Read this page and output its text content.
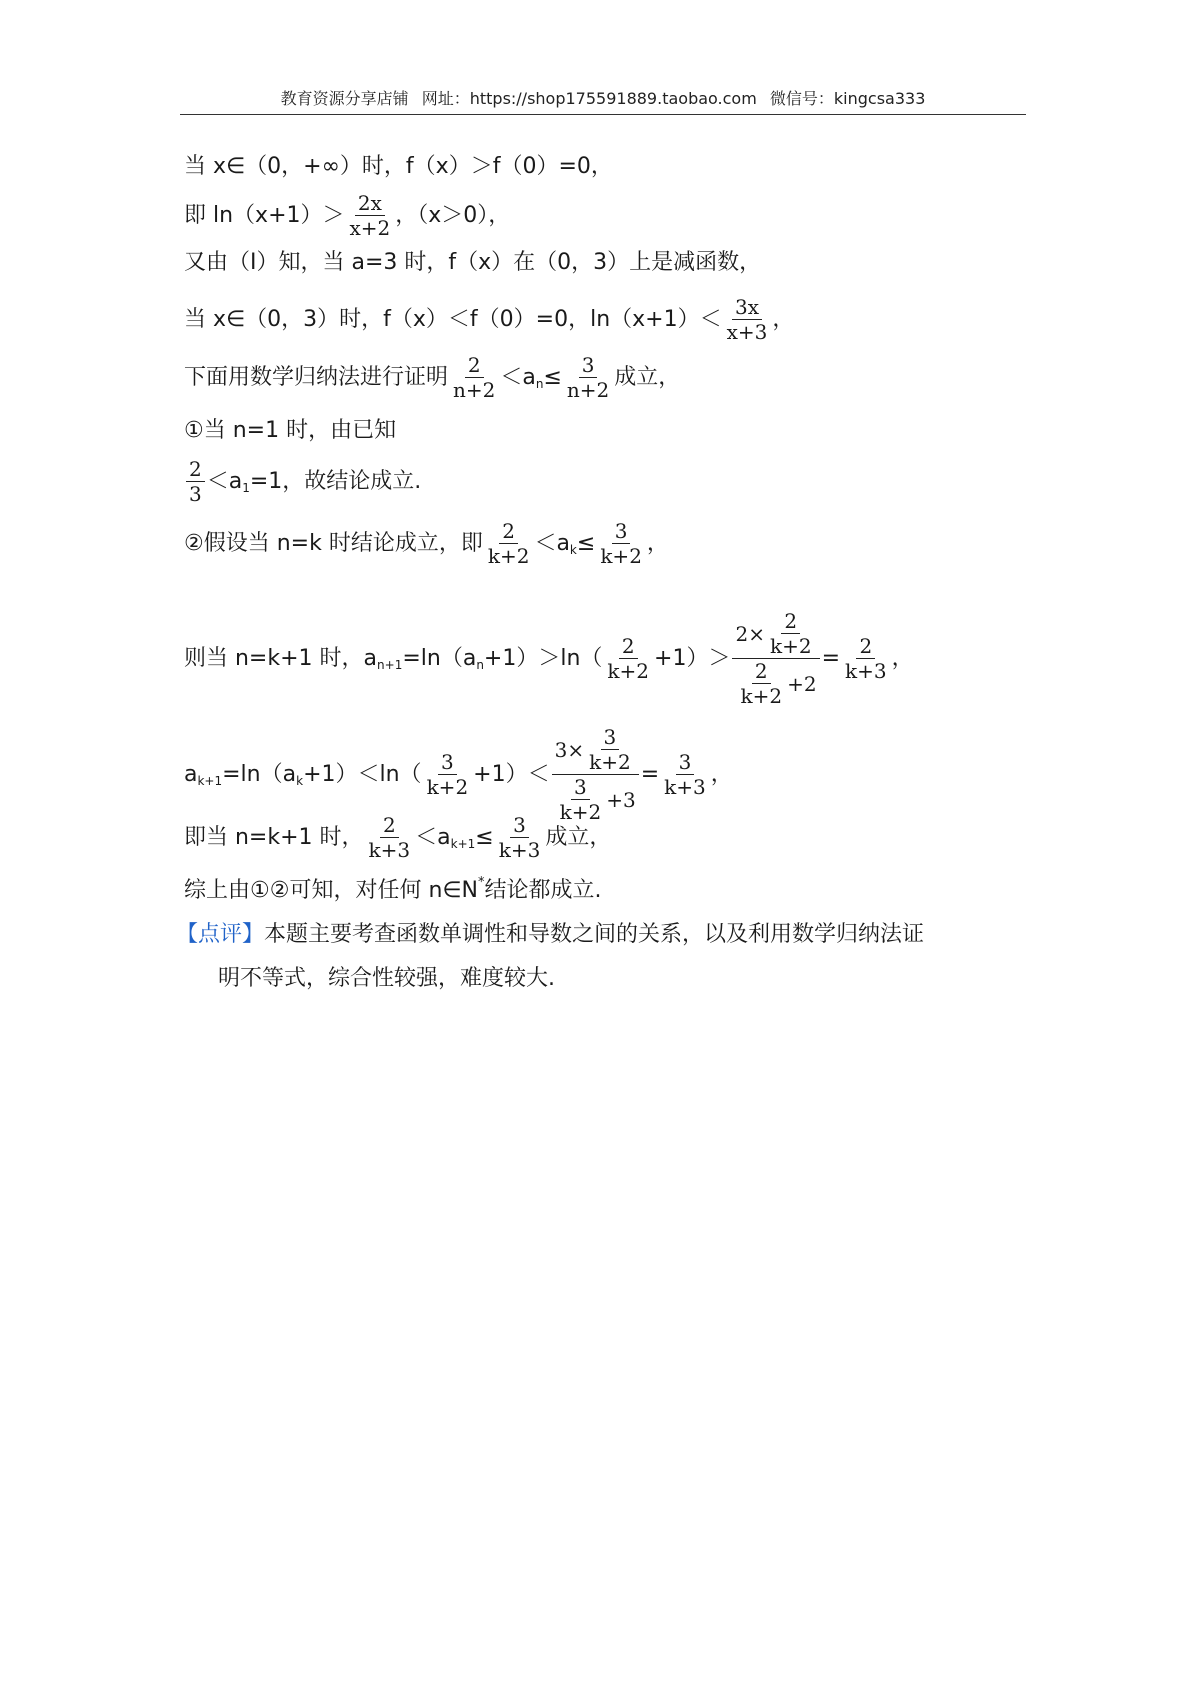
教育资源分享店铺 网址：https://shop175591889.taobao.com 微信号：kingcsa333
当 x∈（0，+∞）时，f（x）＞f（0）=0，
即 $\ln(x+1)> \frac{2x}{x+2}$ ，（x＞0），
又由（Ⅰ）知，当 a=3 时，f（x）在（0，3）上是减函数，
当 x∈（0，3）时，f（x）＜f（0）=0，$\ln(x+1)< \frac{3x}{x+3}$ ，
下面用数学归纳法进行证明 $\frac{2}{n+2} <a$ $n \le \frac{3}{n+2}$ 成立，
①当 n=1 时，由已知
$\frac{2}{3} <a$ 1 =1 ，故结论成立.
②假设当 n=k 时结论成立，即 $\frac{2}{k+2} <a$ $k \le \frac{3}{k+2}$ ，
则当 n=k+1 时，a n+1 =ln（a $n +1)>\ln( \frac{2}{k+2} +1)> \frac{2\times \frac{2}{k+2}}{\frac{2}{k+2} +2} = \frac{2}{k+3}$ ，
a k+1 =ln（a $k +1)<\ln( \frac{3}{k+2} +1)< \frac{3\times \frac{3}{k+2}}{\frac{3}{k+2} +3} = \frac{3}{k+3}$ ，
即当 n=k+1 时， $\frac{2}{k+3} <a$ $k+1 \le \frac{3}{k+3}$ 成立，
综上由①②可知，对任何 n∈N * 结论都成立.
【点评】 本题主要考查函数单调性和导数之间的关系，以及利用数学归纳法证
明不等式，综合性较强，难度较大.
